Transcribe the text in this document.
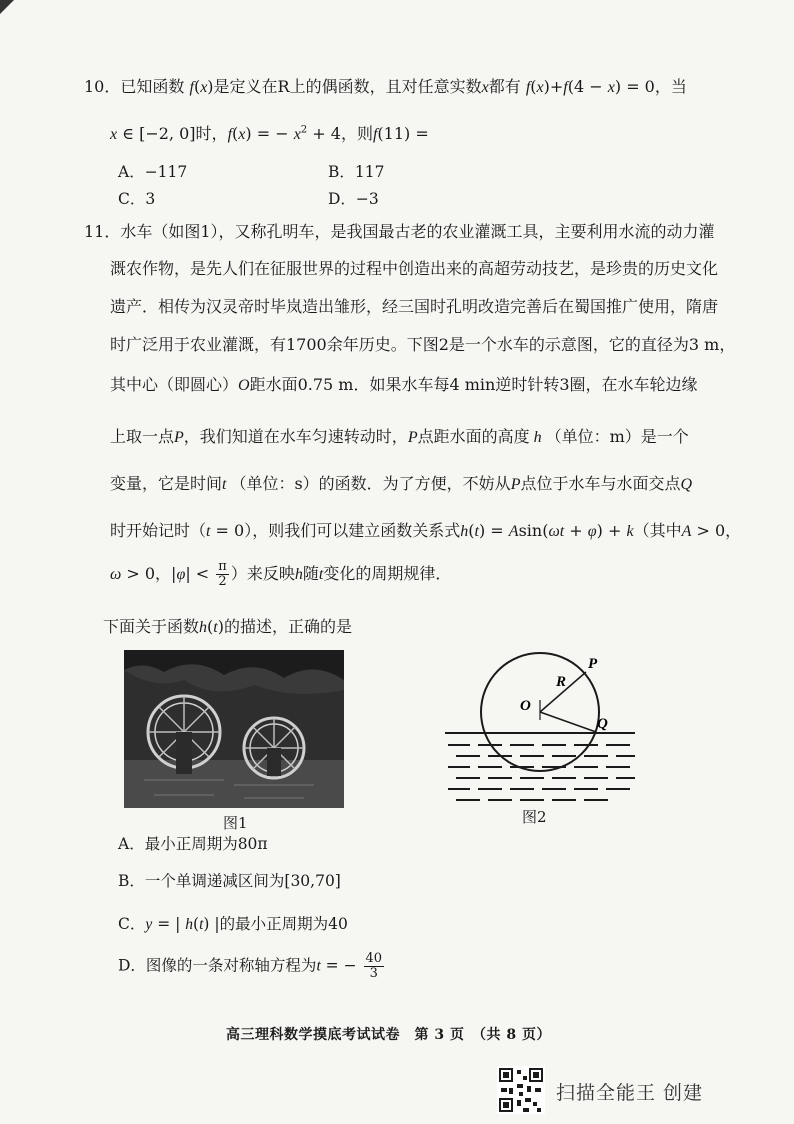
10．已知函数 f(x)是定义在R上的偶函数，且对任意实数x都有 f(x)+f(4 − x) = 0，当
x ∈ [−2, 0]时，f(x) = − $x^2 + 4$，则f(11) =
A．−117	B．117
C．3	D．−3
11．水车（如图1），又称孔明车，是我国最古老的农业灌溉工具，主要利用水流的动力灌
溉农作物，是先人们在征服世界的过程中创造出来的高超劳动技艺，是珍贵的历史文化
遗产．相传为汉灵帝时毕岚造出雏形，经三国时孔明改造完善后在蜀国推广使用，隋唐
时广泛用于农业灌溉，有1700余年历史。下图2是一个水车的示意图，它的直径为3 m，
其中心（即圆心）O距水面0.75 m．如果水车每4 min逆时针转3圈，在水车轮边缘
上取一点P，我们知道在水车匀速转动时，P点距水面的高度 h （单位：m）是一个
变量，它是时间t （单位：s）的函数．为了方便，不妨从P点位于水车与水面交点Q
时开始记时（t = 0），则我们可以建立函数关系式h(t) = Asin(ωt + φ) + k（其中A > 0，
ω > 0，$|\varphi| < \frac{\pi}{2}$ ）来反映h随t变化的周期规律．
下面关于函数h(t)的描述，正确的是
图1
O
R
P
Q
图2
A．最小正周期为80π
B．一个单调递减区间为[30,70]
C．y = | h(t) |的最小正周期为40
D．图像的一条对称轴方程为t = − $\frac{40}{3}$
高三理科数学摸底考试试卷　第 3 页　（共 8 页）
扫描全能王 创建
